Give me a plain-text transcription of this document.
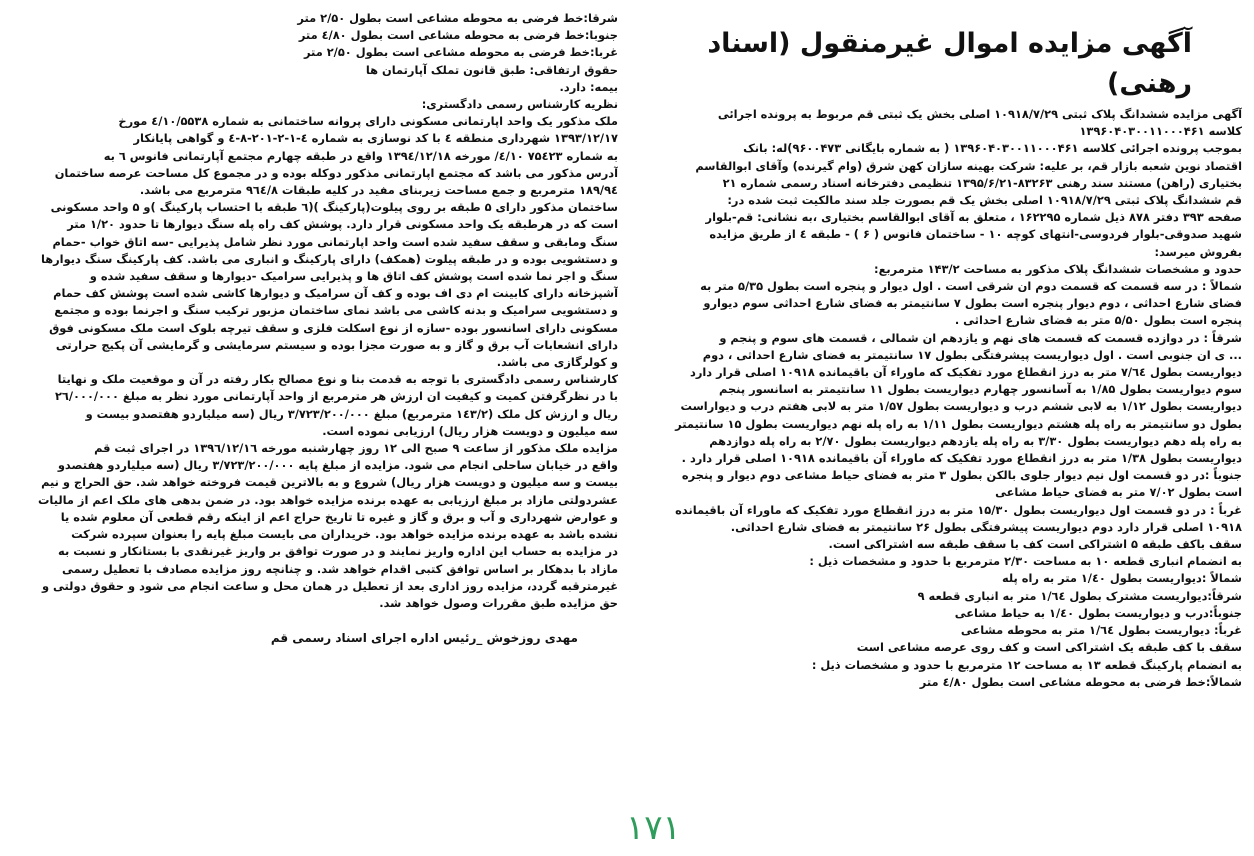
آگهی مزایده اموال غیرمنقول (اسناد رهنی)
آگهی مزایده ششدانگ پلاک ثبتی ۱۰۹۱۸/۷/۲۹ اصلی بخش یک ثبتی قم مربوط به پرونده اجرائی
کلاسه ۱۳۹۶۰۴۰۳۰۰۱۱۰۰۰۴۶۱
بموجب پرونده اجرائی کلاسه ۱۳۹۶۰۴۰۳۰۰۱۱۰۰۰۴۶۱ ( به شماره بایگانی ۹۶۰۰۴۷۳)له: بانک
اقتصاد نوین شعبه بازار قم، بر علیه: شرکت بهینه سازان کهن شرق (وام گیرنده) وآقای ابوالقاسم
بختیاری (راهن) مستند سند رهنی ۸۳۲۶۳-۱۳۹۵/۶/۲۱ تنظیمی دفترخانه اسناد رسمی شماره ۲۱
قم ششدانگ پلاک ثبتی ۱۰۹۱۸/۷/۲۹ اصلی بخش یک قم بصورت جلد سند مالکیت ثبت شده در:
صفحه ۳۹۳ دفتر ۸۷۸ ذیل شماره ۱۶۲۲۹۵ ، متعلق به آقای ابوالقاسم بختیاری ،به نشانی: قم-بلوار
شهید صدوقی-بلوار فردوسی-انتهای کوچه ۱۰ - ساختمان فانوس ( ۶ ) - طبقه ٤ از طریق مزایده
بفروش میرسد:
حدود و مشخصات ششدانگ پلاک مذکور به مساحت ۱۴۳/۲ مترمربع:
شمالاً : در سه قسمت که قسمت دوم ان شرقی است . اول دیوار و پنجره است بطول ۵/۳۵ متر به
فضای شارع احداثی ، دوم دیوار پنجره است بطول ۷ سانتیمتر به فضای شارع احداثی سوم دیوارو
پنجره است بطول ۵/۵۰ متر به فضای شارع احداثی .
شرقاً : در دوازده قسمت که قسمت های نهم و یازدهم ان شمالی ، قسمت های سوم و پنجم و
... ی ان جنوبی است . اول دیواریست پیشرفتگی بطول ۱۷ سانتیمتر به فضای شارع احداثی ، دوم
دیواریست بطول ۷/٦٤ متر به درز انقطاع مورد تفکیک که ماوراء آن باقیمانده ۱۰۹۱۸ اصلی قرار دارد
سوم دیواریست بطول ۱/۸۵ به آسانسور چهارم دیواریست بطول ۱۱ سانتیمتر به اسانسور پنجم
دیواریست بطول ۱/۱۲ به لابی ششم درب و دیواریست بطول ۱/۵۷ متر به لابی هفتم درب و دیواراست
بطول دو سانتیمتر به راه پله هشتم دیواریست بطول ۱/۱۱ به راه پله نهم دیواریست بطول ۱۵ سانتیمتر
به راه پله دهم دیواریست بطول ۳/۳۰ به راه پله یازدهم دیواریست بطول ۲/۷۰ به راه پله دوازدهم
دیواریست بطول ۱/۳۸ متر به درز انقطاع مورد تفکیک که ماوراء آن باقیمانده ۱۰۹۱۸ اصلی قرار دارد .
جنوباً :در دو قسمت اول نیم دیوار جلوی بالکن بطول ۳ متر به فضای حیاط مشاعی دوم دیوار و پنجره
است بطول ۷/۰۲ متر به فضای حیاط مشاعی
غرباً : در دو قسمت اول دیواریست بطول ۱۵/۳۰ متر به درز انقطاع مورد تفکیک که ماوراء آن باقیمانده
۱۰۹۱۸ اصلی قرار دارد دوم دیواریست پیشرفتگی بطول ۲۶ سانتیمتر به فضای شارع احداثی.
سقف باکف طبقه ۵ اشتراکی است کف با سقف طبقه سه اشتراکی است.
به انضمام انباری قطعه ۱۰ به مساحت ۲/۳۰ مترمربع با حدود و مشخصات ذیل :
شمالاً :دیواریست بطول ۱/٤۰ متر به راه پله
شرقاً:دیواریست مشترک بطول ۱/٦٤ متر به انباری قطعه ۹
جنوباً:درب و دیواریست بطول ۱/٤۰ به حیاط مشاعی
غرباً: دیواریست بطول ۱/٦٤ متر به محوطه مشاعی
سقف با کف طبقه یک اشتراکی است و کف روی عرصه مشاعی است
به انضمام پارکینگ قطعه ۱۳ به مساحت ۱۲ مترمربع با حدود و مشخصات ذیل :
شمالاً:خط فرضی به محوطه مشاعی است بطول ٤/۸۰ متر
شرقا:خط فرضی به محوطه مشاعی است بطول ۲/۵۰ متر
جنوبا:خط فرضی به محوطه مشاعی است بطول ٤/۸۰ متر
غربا:خط فرضی به محوطه مشاعی است بطول ۲/۵۰ متر
حقوق ارتفاقی: طبق قانون تملک آپارتمان ها
بیمه: دارد.
نظریه کارشناس رسمی دادگستری:
ملک مذکور یک واحد اپارتمانی مسکونی دارای پروانه ساختمانی به شماره ٤/۱۰/۵۵۳۸ مورخ
۱۳۹۳/۱۲/۱۷ شهرداری منطقه ٤ با کد نوسازی به شماره ٤-۱-۲-۲۰۱-۸-٤ و گواهی پایانکار
به شماره ۷۵٤۲۳ ٤/۱۰/ مورخه ۱۳۹٤/۱۲/۱۸ واقع در طبقه چهارم مجتمع آپارتمانی فانوس ٦ به
آدرس مذکور می باشد که مجتمع اپارتمانی مذکور دوکله بوده و در مجموع کل مساحت عرصه ساختمان
۱۸۹/۹٤ مترمربع و جمع مساحت زیربنای مفید در کلیه طبقات ۹٦٤/۸ مترمربع می باشد.
ساختمان مذکور دارای ۵ طبقه بر روی پیلوت(پارکینگ )(٦ طبقه با احتساب پارکینگ )و ۵ واحد مسکونی
است که در هرطبقه یک واحد مسکونی قرار دارد. پوشش کف راه پله سنگ دیوارها تا حدود ۱/۲۰ متر
سنگ ومابقی و سقف سفید شده است واحد اپارتمانی مورد نظر شامل پذیرایی -سه اتاق خواب -حمام
و دستشویی بوده و در طبقه پیلوت (همکف) دارای پارکینگ و انباری می باشد. کف پارکینگ سنگ دیوارها
سنگ و اجر نما شده است پوشش کف اتاق ها و پذیرایی سرامیک -دیوارها و سقف سفید شده و
آشپزخانه دارای کابینت ام دی اف بوده و کف آن سرامیک و دیوارها کاشی شده است پوشش کف حمام
و دستشویی سرامیک و بدنه کاشی می باشد نمای ساختمان مزبور ترکیب سنگ و اجرنما بوده و مجتمع
مسکونی دارای اسانسور بوده -سازه از نوع اسکلت فلزی و سقف تیرچه بلوک است ملک مسکونی فوق
دارای انشعابات آب برق و گاز و به صورت مجزا بوده و سیستم سرمایشی و گرمایشی آن پکیج حرارتی
و کولرگازی می باشد.
کارشناس رسمی دادگستری با توجه به قدمت بنا و نوع مصالح بکار رفته در آن و موقعیت ملک و نهایتا
با در نظرگرفتن کمیت و کیفیت ان ارزش هر مترمربع از واحد آپارتمانی مورد نظر به مبلغ ۲٦/۰۰۰/۰۰۰
ریال و ارزش کل ملک (۱٤۳/۲ مترمربع) مبلغ ۳/۷۲۳/۲۰۰/۰۰۰ ریال (سه میلیاردو هفتصدو بیست و
سه میلیون و دویست هزار ریال) ارزیابی نموده است.
مزایده ملک مذکور از ساعت ۹ صبح الی ۱۲ روز چهارشنبه مورخه ۱۳۹٦/۱۲/۱٦ در اجرای ثبت قم
واقع در خیابان ساحلی انجام می شود. مزایده از مبلغ پایه ۳/۷۲۳/۲۰۰/۰۰۰ ریال (سه میلیاردو هفتصدو
بیست و سه میلیون و دویست هزار ریال) شروع و به بالاترین قیمت فروخته خواهد شد. حق الحراج و نیم
عشردولتی مازاد بر مبلغ ارزیابی به عهده برنده مزایده خواهد بود. در ضمن بدهی های ملک اعم از مالیات
و عوارض شهرداری و آب و برق و گاز و غیره تا تاریخ حراج اعم از اینکه رقم قطعی آن معلوم شده یا
نشده باشد به عهده برنده مزایده خواهد بود. خریداران می بایست مبلغ پایه را بعنوان سپرده شرکت
در مزایده به حساب این اداره واریز نمایند و در صورت توافق بر واریز غیرنقدی با بستانکار و نسبت به
مازاد با بدهکار بر اساس توافق کتبی اقدام خواهد شد. و چنانچه روز مزایده مصادف با تعطیل رسمی
غیرمترقبه گردد، مزایده روز اداری بعد از تعطیل در همان محل و ساعت انجام می شود و حقوق دولتی و
حق مزایده طبق مقررات وصول خواهد شد.
مهدی روزخوش _رئیس اداره اجرای اسناد رسمی قم
۱۷۱
